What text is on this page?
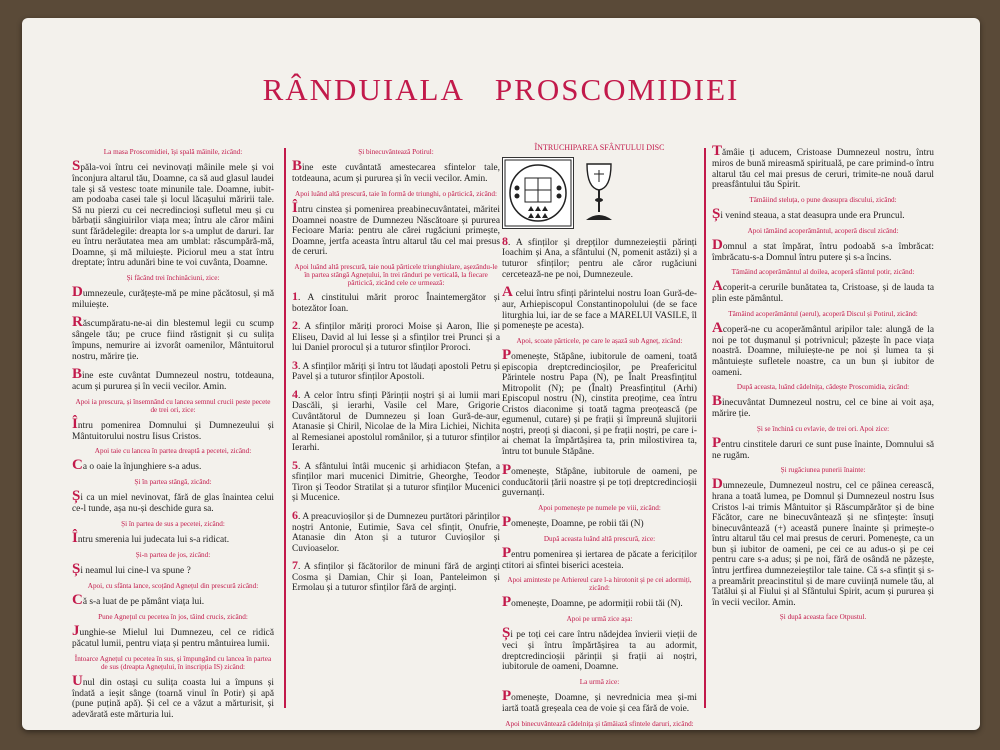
RÂNDUIALA PROSCOMIDIEI
La masa Proscomidiei, își spală mâinile, zicând:

Spăla-voi întru cei nevinovați mâinile mele și voi înconjura altarul tău, Doamne, ca să aud glasul laudei tale și să vestesc toate minunile tale. Doamne, iubit-am podoaba casei tale și locul lăcașului măririi tale. Să nu pierzi cu cei necredincioși sufletul meu și cu bărbații sângiuirilor viața mea; întru ale căror mâini sunt fărădelegile: dreapta lor s-a umplut de daruri. Iar eu întru nerăutatea mea am umblat: răscumpără-mă, Doamne, și mă miluiește. Piciorul meu a stat întru dreptate; întru adunări bine te voi cuvânta, Doamne.

Și făcând trei închinăciuni, zice:

Dumnezeule, curățește-mă pe mine păcătosul, și mă miluiește.

Răscumpăratu-ne-ai din blestemul legii cu scump sângele tău; pe cruce fiind răstignit și cu sulița împuns, nemurire ai izvorât oamenilor, Mântuitorul nostru, mărire ție.

Bine este cuvântat Dumnezeul nostru, totdeauna, acum și pururea și în vecii vecilor. Amin.

Apoi ia prescura, și însemnând cu lancea semnul crucii peste pecete de trei ori, zice:

Întru pomenirea Domnului și Dumnezeului și Mântuitorului nostru Iisus Cristos.

Apoi taie cu lancea în partea dreaptă a pecetei, zicând:

Ca o oaie la înjunghiere s-a adus.

Și în partea stângă, zicând:

Și ca un miel nevinovat, fără de glas înaintea celui ce-l tunde, așa nu-și deschide gura sa.

Și în partea de sus a pecetei, zicând:

Întru smerenia lui judecata lui s-a ridicat.

Și-n partea de jos, zicând:

Și neamul lui cine-l va spune ?

Apoi, cu sfânta lance, scoțând Agnețul din prescură zicând:

Că s-a luat de pe pământ viața lui.

Pune Agnețul cu pecetea în jos, tăind crucis, zicând:

Junghie-se Mielul lui Dumnezeu, cel ce ridică păcatul lumii, pentru viața și pentru mântuirea lumii.

Întoarce Agnețul cu pecetea în sus, și împungând cu lancea în partea de sus (dreapta Agnețului, în inscripția IS) zicând:

Unul din ostași cu sulița coasta lui a împuns și îndată a ieșit sânge (toarnă vinul în Potir) și apă (pune puțină apă). Și cel ce a văzut a mărturisit, și adevărată este mărturia lui.

Și binecuvântează Potirul:

Bine este cuvântată amestecarea sfintelor tale, totdeauna, acum și pururea și în vecii vecilor. Amin.

Apoi luând altă prescură, taie în formă de triunghi, o părticică, zicând:

Întru cinstea și pomenirea preabinecuvântatei, măritei Doamnei noastre de Dumnezeu Născătoare și pururea Fecioare Maria: pentru ale cărei rugăciuni primește, Doamne, jertfa aceasta întru altarul tău cel mai presus de ceruri.

Apoi luând altă prescură, taie nouă părticele triunghiulare, așezându-le în partea stângă Agnețului, în trei rânduri pe verticală, la fiecare părticică, zicând cele ce urmează:

1. A cinstitului mărit proroc Înaintemergător și botezător Ioan.

2. A sfinților măriți proroci Moise și Aaron, Ilie și Eliseu, David al lui Iesse și a sfinților trei Prunci și a lui Daniel prorocul și a tuturor sfinților Proroci.

3. A sfinților măriți și întru tot lăudați apostoli Petru și Pavel și a tuturor sfinților Apostoli.

4. A celor întru sfinți Părinții noștri și ai lumii mari Dascăli, și ierarhi, Vasile cel Mare, Grigorie Cuvântătorul de Dumnezeu și Ioan Gură-de-aur, Atanasie și Chiril, Nicolae de la Mira Lichiei, Nichita al Remesianei apostolul românilor, și a tuturor sfinților Ierarhi.

5. A sfântului întâi mucenic și arhidiacon Ștefan, a sfinților mari mucenici Dimitrie, Gheorghe, Teodor Tiron și Teodor Stratilat și a tuturor sfinților Mucenici și Mucenice.

6. A preacuvioșilor și de Dumnezeu purtători părinților noștri Antonie, Eutimie, Sava cel sfințit, Onufrie, Atanasie din Aton și a tuturor Cuvioșilor și Cuvioaselor.

7. A sfinților și făcătorilor de minuni fără de arginți Cosma și Damian, Chir și Ioan, Panteleimon și Ermolau și a tuturor sfinților fără de arginți.

ÎNTRUCHIPAREA SFÂNTULUI DISC

8. A sfinților și drepților dumnezeieștii părinți Ioachim și Ana, a sfântului (N, pomenit astăzi) și a tuturor sfinților; pentru ale căror rugăciuni cercetează-ne pe noi, Dumnezeule.

A celui întru sfinți părintelui nostru Ioan Gură-de-aur, Arhiepiscopul Constantinopolului (de se face liturghia lui, iar de se face a MARELUI VASILE, îl pomenește pe acesta).

Apoi, scoate părticele, pe care le așază sub Agneț, zicând:

Pomenește, Stăpâne, iubitorule de oameni, toată episcopia dreptcredincioșilor, pe Preafericitul Părintele nostru Papa (N), pe Înalt Preasfințitul Mitropolit (N); pe (Înalt) Preasfințitul (Arhi) Episcopul nostru (N), cinstita preoțime, cea întru Cristos diaconime și toată tagma preoțească (pe egumenul, cutare) și pe frații și împreună slujitorii noștri, preoți și diaconi, și pe frații noștri, pe care i-ai chemat la împărtășirea ta, prin milostivirea ta, întru tot bunule Stăpâne.

Pomenește, Stăpâne, iubitorule de oameni, pe conducătorii țării noastre și pe toți dreptcredincioșii guvernanți.

Apoi pomenește pe numele pe viii, zicând:

Pomenește, Doamne, pe robii tăi (N)

După aceasta luând altă prescură, zice:

Pentru pomenirea și iertarea de păcate a fericiților ctitori ai sfintei biserici acesteia.

Apoi aminteste pe Arhiereul care l-a hirotonit și pe cei adormiți, zicând:

Pomenește, Doamne, pe adormiții robii tăi (N).

Apoi pe urmă zice aşa:

Și pe toți cei care întru nădejdea învierii vieții de veci și întru împărtășirea ta au adormit, dreptcredincioșii părinții și frații ai noștri, iubitorule de oameni, Doamne.

La urmă zice:

Pomenește, Doamne, și nevrednicia mea și-mi iartă toată greșeala cea de voie și cea fără de voie.

Apoi binecuvântează cădelnița și tămâiază sfintele daruri, zicând:

Tămâie ți aducem, Cristoase Dumnezeul nostru, întru miros de bună mireasmă spirituală, pe care primind-o întru altarul tău cel mai presus de ceruri, trimite-ne nouă darul preasfântului tău Spirit.

Tămâiind steluța, o pune deasupra discului, zicând:

Și venind steaua, a stat deasupra unde era Pruncul.

Apoi tămâind acoperământul, acoperă discul zicând:

Domnul a stat împărat, întru podoabă s-a îmbrăcat: îmbrăcatu-s-a Domnul întru putere și s-a încins.

Tămâind acoperământul al doilea, acoperă sfântul potir, zicând:

Acoperit-a cerurile bunătatea ta, Cristoase, și de lauda ta plin este pământul.

Tămâind acoperământul (aerul), acoperă Discul și Potirul, zicând:

Acoperă-ne cu acoperământul aripilor tale: alungă de la noi pe tot dușmanul și potrivnicul; păzește în pace viața noastră. Doamne, miluiește-ne pe noi și lumea ta și mântuiește sufletele noastre, ca un bun și iubitor de oameni.

După aceasta, luând cădelnița, cădește Proscomidia, zicând:

Binecuvântat Dumnezeul nostru, cel ce bine ai voit așa, mărire ție.

Și se închină cu evlavie, de trei ori. Apoi zice:

Pentru cinstitele daruri ce sunt puse înainte, Domnului să ne rugăm.

Și rugăciunea punerii înainte:

Dumnezeule, Dumnezeul nostru, cel ce pâinea cerească, hrana a toată lumea, pe Domnul și Dumnezeul nostru Isus Cristos l-ai trimis Mântuitor și Răscumpărător și de bine Făcător, care ne binecuvântează și ne sfințește: însuți binecuvântează (+) această punere înainte și primește-o întru altarul tău cel mai presus de ceruri. Pomenește, ca un bun și iubitor de oameni, pe cei ce au adus-o și pe cei pentru care s-a adus; și pe noi, fără de osândă ne păzește, întru jertfirea dumnezeieștilor tale taine. Că s-a sfințit și s-a preamărit preacinstitul și de mare cuviință numele tău, al Tatălui și al Fiului și al Sfântului Spirit, acum și pururea și în vecii vecilor. Amin.

Și după aceasta face Otpustul.
